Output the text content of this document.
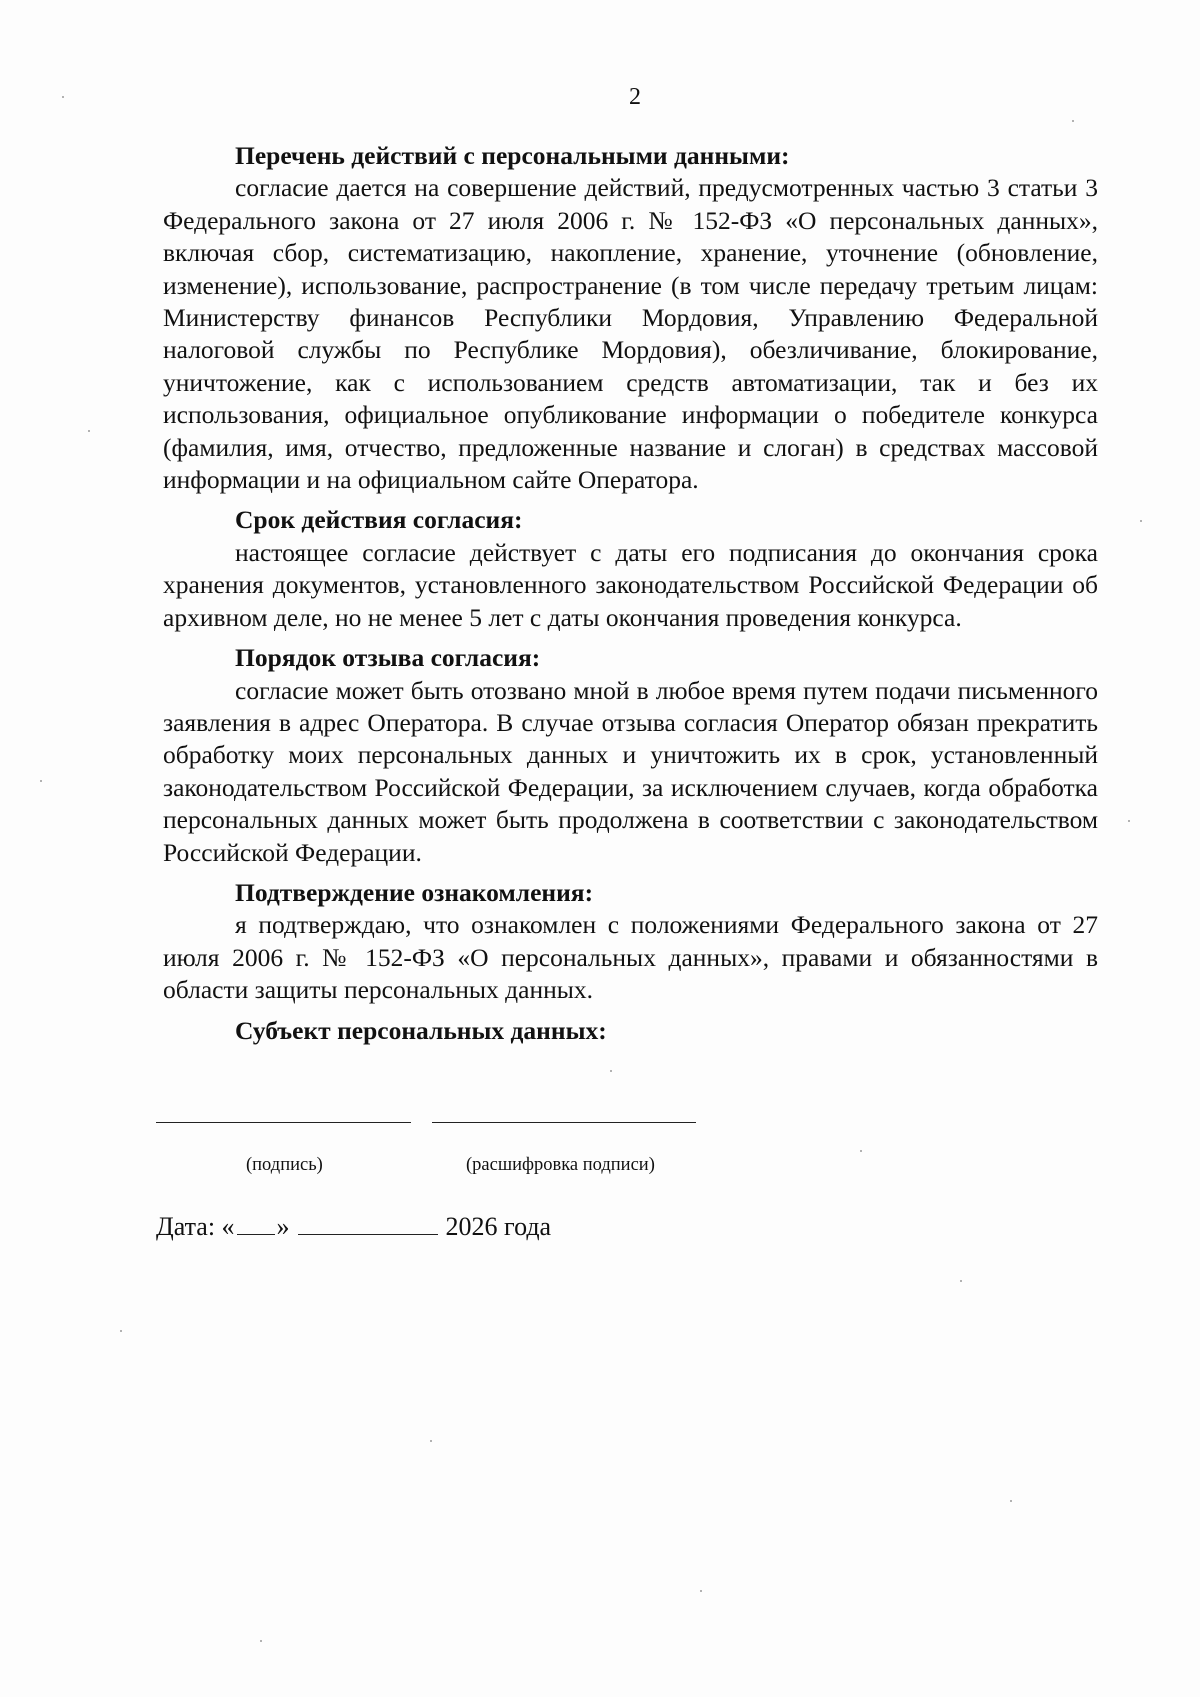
2

Перечень действий с персональными данными:

согласие дается на совершение действий, предусмотренных частью 3 статьи 3 Федерального закона от 27 июля 2006 г. № 152-ФЗ «О персональных данных», включая сбор, систематизацию, накопление, хранение, уточнение (обновление, изменение), использование, распространение (в том числе передачу третьим лицам: Министерству финансов Республики Мордовия, Управлению Федеральной налоговой службы по Республике Мордовия), обезличивание, блокирование, уничтожение, как с использованием средств автоматизации, так и без их использования, официальное опубликование информации о победителе конкурса (фамилия, имя, отчество, предложенные название и слоган) в средствах массовой информации и на официальном сайте Оператора.

Срок действия согласия:

настоящее согласие действует с даты его подписания до окончания срока хранения документов, установленного законодательством Российской Федерации об архивном деле, но не менее 5 лет с даты окончания проведения конкурса.

Порядок отзыва согласия:

согласие может быть отозвано мной в любое время путем подачи письменного заявления в адрес Оператора. В случае отзыва согласия Оператор обязан прекратить обработку моих персональных данных и уничтожить их в срок, установленный законодательством Российской Федерации, за исключением случаев, когда обработка персональных данных может быть продолжена в соответствии с законодательством Российской Федерации.

Подтверждение ознакомления:

я подтверждаю, что ознакомлен с положениями Федерального закона от 27 июля 2006 г. № 152-ФЗ «О персональных данных», правами и обязанностями в области защиты персональных данных.

Субъект персональных данных:

(подпись)	(расшифровка подписи)
Дата: « »	2026 года
